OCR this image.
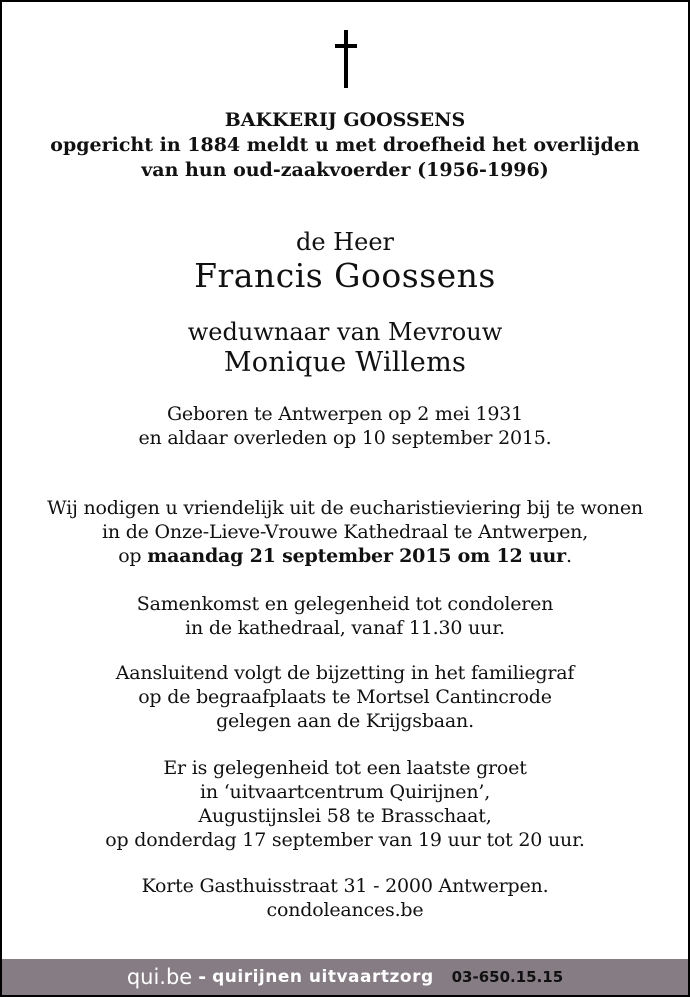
BAKKERIJ GOOSSENS
opgericht in 1884 meldt u met droefheid het overlijden
van hun oud-zaakvoerder (1956-1996)
de Heer
Francis Goossens
weduwnaar van Mevrouw
Monique Willems
Geboren te Antwerpen op 2 mei 1931
en aldaar overleden op 10 september 2015.
Wij nodigen u vriendelijk uit de eucharistieviering bij te wonen
in de Onze-Lieve-Vrouwe Kathedraal te Antwerpen,
op maandag 21 september 2015 om 12 uur.
Samenkomst en gelegenheid tot condoleren
in de kathedraal, vanaf 11.30 uur.
Aansluitend volgt de bijzetting in het familiegraf
op de begraafplaats te Mortsel Cantincrode
gelegen aan de Krijgsbaan.
Er is gelegenheid tot een laatste groet
in ‘uitvaartcentrum Quirijnen’,
Augustijnslei 58 te Brasschaat,
op donderdag 17 september van 19 uur tot 20 uur.
Korte Gasthuisstraat 31 - 2000 Antwerpen.
condoleances.be
qui.be - quirijnen uitvaartzorg 03-650.15.15
